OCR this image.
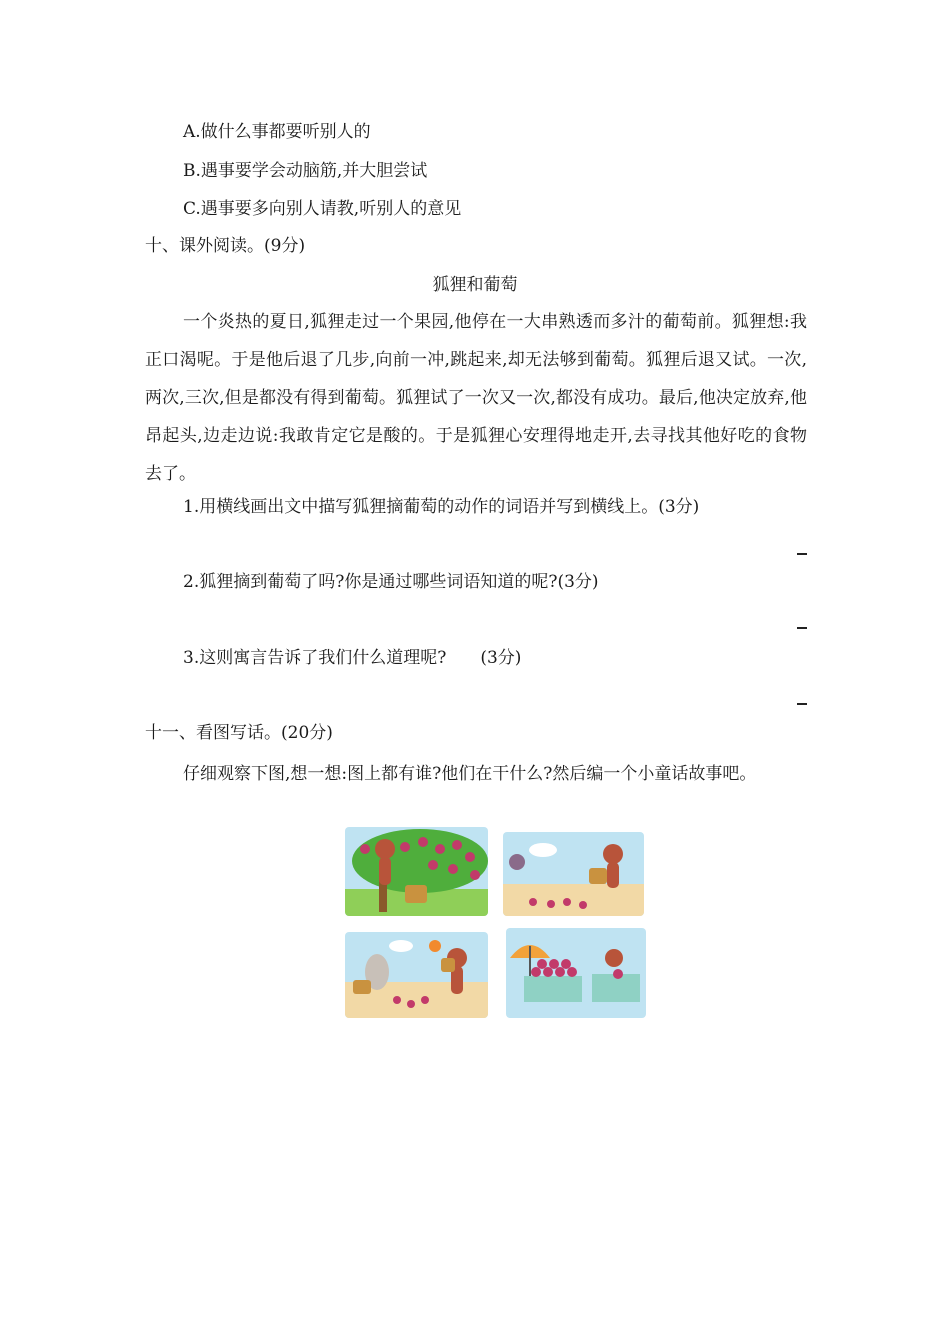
A.做什么事都要听别人的
B.遇事要学会动脑筋,并大胆尝试
C.遇事要多向别人请教,听别人的意见
十、课外阅读。(9分)
狐狸和葡萄
一个炎热的夏日,狐狸走过一个果园,他停在一大串熟透而多汁的葡萄前。狐狸想:我正口渴呢。于是他后退了几步,向前一冲,跳起来,却无法够到葡萄。狐狸后退又试。一次,两次,三次,但是都没有得到葡萄。狐狸试了一次又一次,都没有成功。最后,他决定放弃,他昂起头,边走边说:我敢肯定它是酸的。于是狐狸心安理得地走开,去寻找其他好吃的食物去了。
1.用横线画出文中描写狐狸摘葡萄的动作的词语并写到横线上。(3分)
2.狐狸摘到葡萄了吗?你是通过哪些词语知道的呢?(3分)
3.这则寓言告诉了我们什么道理呢?　　(3分)
十一、看图写话。(20分)
仔细观察下图,想一想:图上都有谁?他们在干什么?然后编一个小童话故事吧。
